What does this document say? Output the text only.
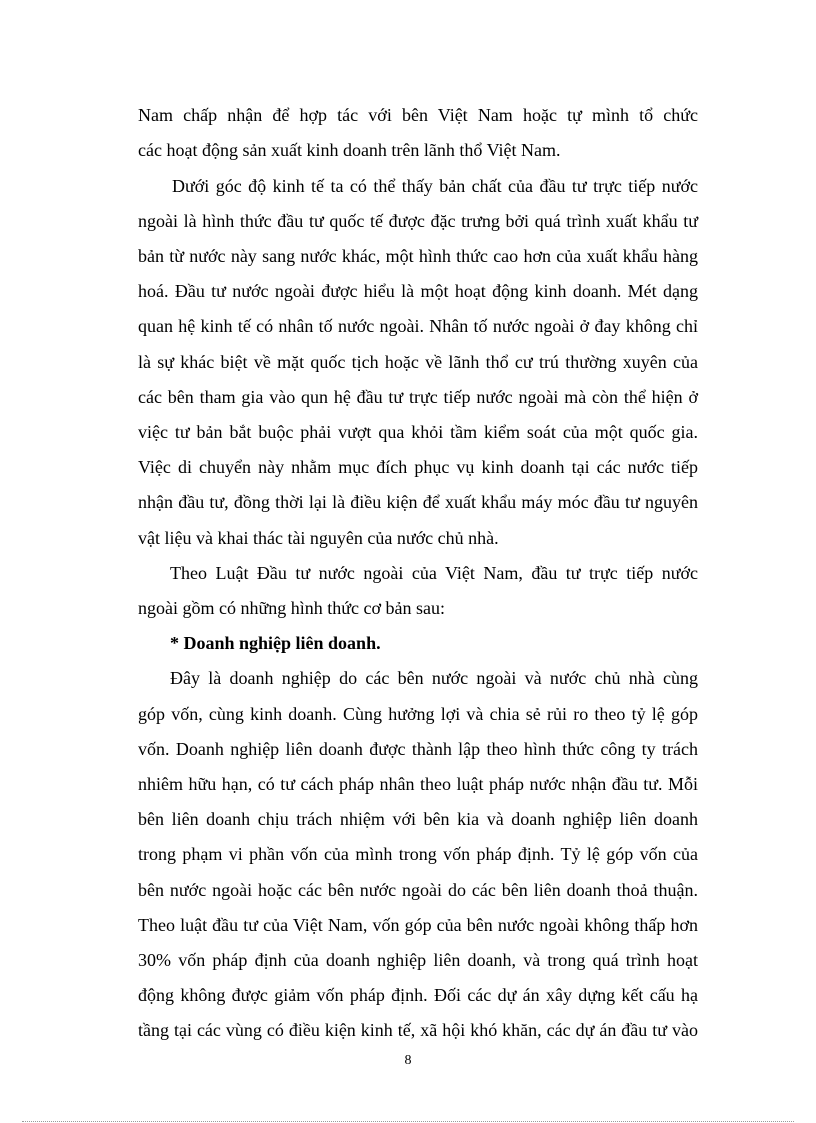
Nam chấp nhận để hợp tác với bên Việt Nam hoặc tự mình tổ chức
các hoạt động sản xuất kinh doanh trên lãnh thổ Việt Nam.
Dưới góc độ kinh tế ta có thể thấy bản chất của đầu tư trực tiếp nước
ngoài là hình thức đầu tư quốc tế được đặc trưng bởi quá trình xuất khẩu tư
bản từ nước này sang nước khác, một hình thức cao hơn của xuất khẩu hàng
hoá. Đầu tư nước ngoài được hiểu là một hoạt động kinh doanh. Mét dạng
quan hệ kinh tế có nhân tố nước ngoài. Nhân tố nước ngoài ở đay không chỉ
là sự khác biệt về mặt quốc tịch hoặc về lãnh thổ cư trú thường xuyên của
các bên tham gia vào qun hệ đầu tư trực tiếp nước ngoài mà còn thể hiện ở
việc tư bản bắt buộc phải vượt qua khỏi tầm kiểm soát của một quốc gia.
Việc di chuyển này nhằm mục đích phục vụ kinh doanh tại các nước tiếp
nhận đầu tư, đồng thời lại là điều kiện để xuất khẩu máy móc đầu tư nguyên
vật liệu và khai thác tài nguyên của nước chủ nhà.
Theo Luật Đầu tư nước ngoài của Việt Nam, đầu tư trực tiếp nước
ngoài gồm có những hình thức cơ bản sau:
* Doanh nghiệp liên doanh.
Đây là doanh nghiệp do các bên nước ngoài và nước chủ nhà cùng
góp vốn, cùng kinh doanh. Cùng hưởng lợi và chia sẻ rủi ro theo tỷ lệ góp
vốn. Doanh nghiệp liên doanh được thành lập theo hình thức công ty trách
nhiêm hữu hạn, có tư cách pháp nhân theo luật pháp nước nhận đầu tư. Mỗi
bên liên doanh chịu trách nhiệm với bên kia và doanh nghiệp liên doanh
trong phạm vi phần vốn của mình trong vốn pháp định. Tỷ lệ góp vốn của
bên nước ngoài hoặc các bên nước ngoài do các bên liên doanh thoả thuận.
Theo luật đầu tư của Việt Nam, vốn góp của bên nước ngoài không thấp hơn
30% vốn pháp định của doanh nghiệp liên doanh, và trong quá trình hoạt
động không được giảm vốn pháp định. Đối các dự án xây dựng kết cấu hạ
tầng tại các vùng có điều kiện kinh tế, xã hội khó khăn, các dự án đầu tư vào
8
